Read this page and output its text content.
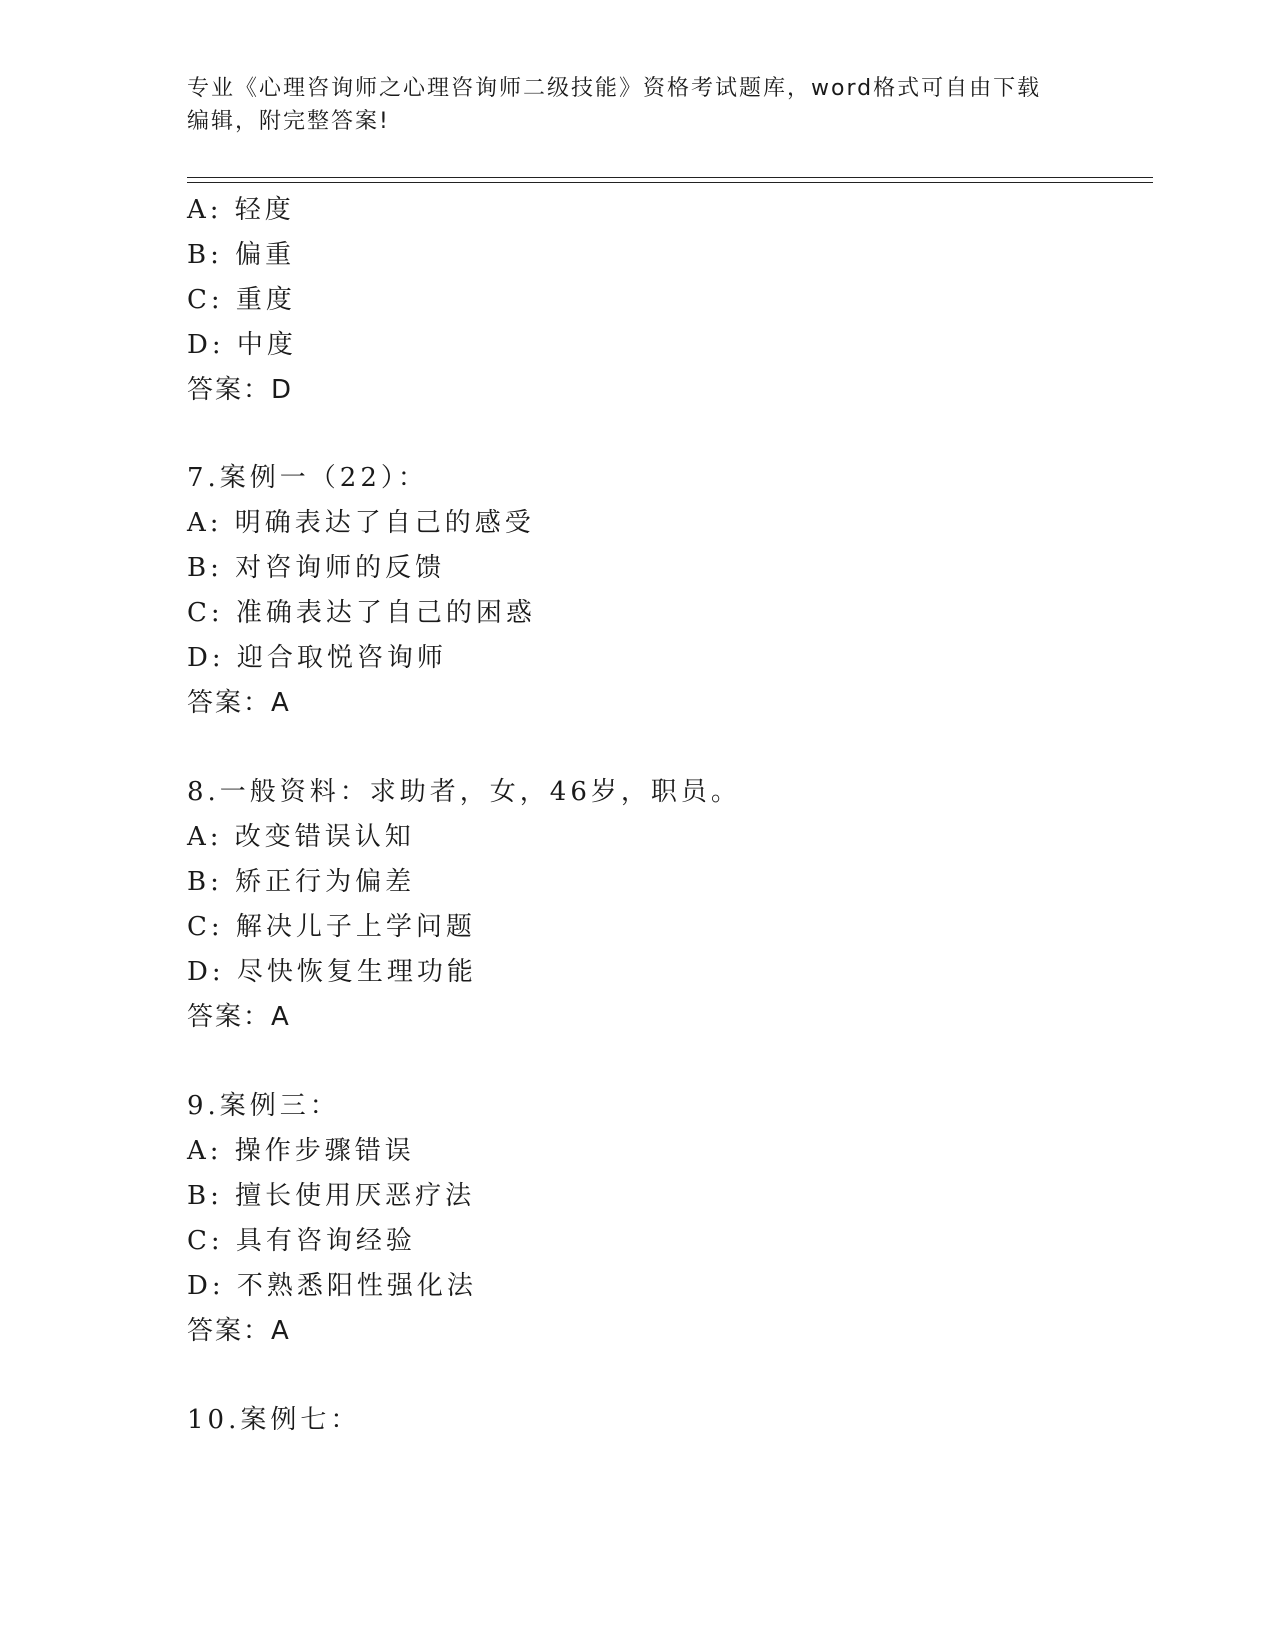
专业《心理咨询师之心理咨询师二级技能》资格考试题库，word格式可自由下载
编辑，附完整答案!
A: 轻度
B: 偏重
C: 重度
D: 中度
答案：D
7.案例一（22）：
A: 明确表达了自己的感受
B: 对咨询师的反馈
C: 准确表达了自己的困惑
D: 迎合取悦咨询师
答案：A
8.一般资料：求助者，女，46岁，职员。
A: 改变错误认知
B: 矫正行为偏差
C: 解决儿子上学问题
D: 尽快恢复生理功能
答案：A
9.案例三：
A: 操作步骤错误
B: 擅长使用厌恶疗法
C: 具有咨询经验
D: 不熟悉阳性强化法
答案：A
10.案例七：
